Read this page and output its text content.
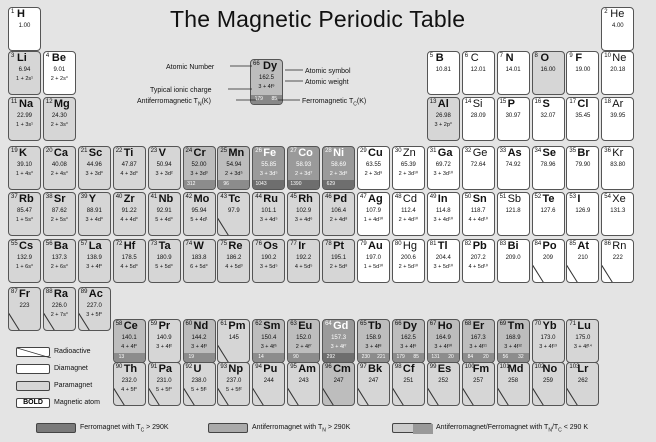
The Magnetic Periodic Table
Atomic Number
Typical ionic charge
Antiferromagnetic $T_N(K)$
Atomic symbol
Atomic weight
Ferromagnetic $T_C(K)$
66 Dy
162.5
3 + 4f⁹
179 85
Radioactive
Diamagnet
Paramagnet
BOLD	Magnetic atom
Ferromagnet with $T_C > 290K$	Antiferromagnet with $T_N > 290K$	Antiferromagnet/Ferromagnet with $T_N/T_C < 290$ K
1 H
1.00
2 He
4.00
3 Li
6.94
1 + 2s¹
4 Be
9.01
2 + 2s°
5 B
10.81
6 C
12.01
7 N
14.01
8 O
16.00
9 F
19.00
10 Ne
20.18
11 Na
22.99
1 + 3s¹
12 Mg
24.30
2 + 3s°
13 Al
26.98
3 + 2p°
14 Si
28.09
15 P
30.97
16 S
32.07
17 Cl
35.45
18 Ar
39.95
19 K
39.10
1 + 4s°
20 Ca
40.08
2 + 4s°
21 Sc
44.96
3 + 3d°
22 Ti
47.87
4 + 3d°
23 V
50.94
3 + 3d²
24 Cr
52.00
3 + 3d³
312
25 Mn
54.94
2 + 3d⁵
96
26 Fe
55.85
3 + 3d⁵
1043
27 Co
58.93
2 + 3d⁷
1390
28 Ni
58.69
2 + 3d⁸
629
29 Cu
63.55
2 + 3d⁹
30 Zn
65.39
2 + 3d¹⁰
31 Ga
69.72
3 + 3d¹⁰
32 Ge
72.64
33 As
74.92
34 Se
78.96
35 Br
79.90
36 Kr
83.80
37 Rb
85.47
1 + 5s°
38 Sr
87.62
2 + 5s°
39 Y
88.91
3 + 4d°
40 Zr
91.22
4 + 4d°
41 Nb
92.91
5 + 4d°
42 Mo
95.94
5 + 4d¹
43 Tc
97.9
44 Ru
101.1
3 + 4d⁵
45 Rh
102.9
3 + 4d⁶
46 Pd
106.4
2 + 4d⁸
47 Ag
107.9
1 + 4d¹⁰
48 Cd
112.4
2 + 4d¹⁰
49 In
114.8
3 + 4d¹⁰
50 Sn
118.7
4 + 4d¹⁰
51 Sb
121.8
52 Te
127.6
53 I
126.9
54 Xe
131.3
55 Cs
132.9
1 + 6s°
56 Ba
137.3
2 + 6s°
57 La
138.9
3 + 4f°
72 Hf
178.5
4 + 5d°
73 Ta
180.9
5 + 5d°
74 W
183.8
6 + 5d°
75 Re
186.2
4 + 5d³
76 Os
190.2
3 + 5d⁵
77 Ir
192.2
4 + 5d⁵
78 Pt
195.1
2 + 5d⁸
79 Au
197.0
1 + 5d¹⁰
80 Hg
200.6
2 + 5d¹⁰
81 Tl
204.4
3 + 5d¹⁰
82 Pb
207.2
4 + 5d¹⁰
83 Bi
209.0
84 Po
209
85 At
210
86 Rn
222
87 Fr
223
88 Ra
226.0
2 + 7s°
89 Ac
227.0
3 + 5f°
58 Ce
140.1
4 + 4f°
13
59 Pr
140.9
3 + 4f²
60 Nd
144.2
3 + 4f³
19
61 Pm
145
62 Sm
150.4
3 + 4f⁵
14
63 Eu
152.0
2 + 4f⁷
90
64 Gd
157.3
3 + 4f⁷
292
65 Tb
158.9
3 + 4f⁸
230 221
66 Dy
162.5
3 + 4f⁹
179 85
67 Ho
164.9
3 + 4f¹⁰
131 20
68 Er
167.3
3 + 4f¹¹
84 20
69 Tm
168.9
3 + 4f¹²
56 32
70 Yb
173.0
3 + 4f¹³
71 Lu
175.0
3 + 4f¹⁴
90 Th
232.0
4 + 5f°
91 Pa
231.0
5 + 5f°
92 U
238.0
5 + 5f¹
93 Np
237.0
5 + 5f²
94 Pu
244
95 Am
243
96 Cm
247
97 Bk
247
98 Cf
251
99 Es
252
100
Fm
257
101
Md
258
102
No
259
103
Lr
262
